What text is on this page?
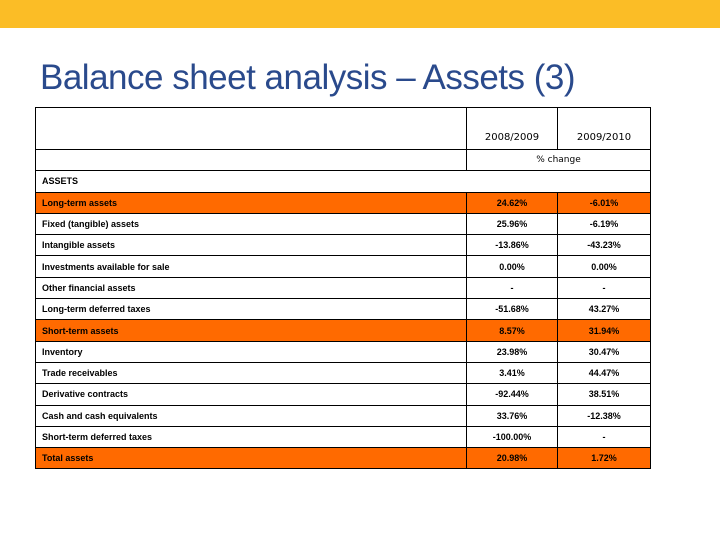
Balance sheet analysis – Assets (3)
	2008/2009	2009/2010
	% change	
ASSETS		
Long-term assets	24.62%	-6.01%
Fixed (tangible) assets	25.96%	-6.19%
Intangible assets	-13.86%	-43.23%
Investments available for sale	0.00%	0.00%
Other financial assets	-	-
Long-term deferred taxes	-51.68%	43.27%
Short-term assets	8.57%	31.94%
Inventory	23.98%	30.47%
Trade receivables	3.41%	44.47%
Derivative contracts	-92.44%	38.51%
Cash and cash equivalents	33.76%	-12.38%
Short-term deferred taxes	-100.00%	-
Total assets	20.98%	1.72%
